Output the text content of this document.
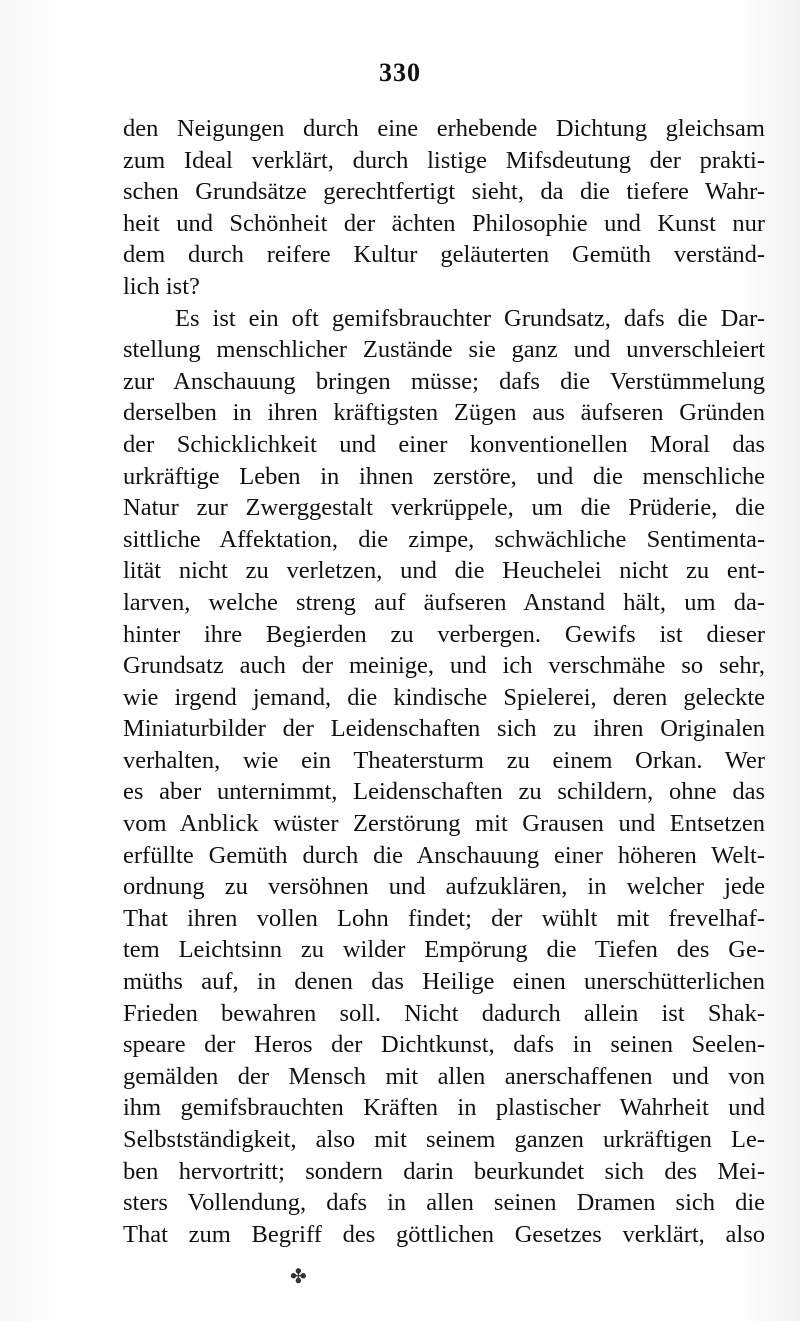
330
den Neigungen durch eine erhebende Dichtung gleichsam
zum Ideal verklärt, durch listige Mifsdeutung der prakti-
schen Grundsätze gerechtfertigt sieht, da die tiefere Wahr-
heit und Schönheit der ächten Philosophie und Kunst nur
dem durch reifere Kultur geläuterten Gemüth verständ-
lich ist?
Es ist ein oft gemifsbrauchter Grundsatz, dafs die Dar-
stellung menschlicher Zustände sie ganz und unverschleiert
zur Anschauung bringen müsse; dafs die Verstümmelung
derselben in ihren kräftigsten Zügen aus äufseren Gründen
der Schicklichkeit und einer konventionellen Moral das
urkräftige Leben in ihnen zerstöre, und die menschliche
Natur zur Zwerggestalt verkrüppele, um die Prüderie, die
sittliche Affektation, die zimpe, schwächliche Sentimenta-
lität nicht zu verletzen, und die Heuchelei nicht zu ent-
larven, welche streng auf äufseren Anstand hält, um da-
hinter ihre Begierden zu verbergen. Gewifs ist dieser
Grundsatz auch der meinige, und ich verschmähe so sehr,
wie irgend jemand, die kindische Spielerei, deren geleckte
Miniaturbilder der Leidenschaften sich zu ihren Originalen
verhalten, wie ein Theatersturm zu einem Orkan. Wer
es aber unternimmt, Leidenschaften zu schildern, ohne das
vom Anblick wüster Zerstörung mit Grausen und Entsetzen
erfüllte Gemüth durch die Anschauung einer höheren Welt-
ordnung zu versöhnen und aufzuklären, in welcher jede
That ihren vollen Lohn findet; der wühlt mit frevelhaf-
tem Leichtsinn zu wilder Empörung die Tiefen des Ge-
müths auf, in denen das Heilige einen unerschütterlichen
Frieden bewahren soll. Nicht dadurch allein ist Shak-
speare der Heros der Dichtkunst, dafs in seinen Seelen-
gemälden der Mensch mit allen anerschaffenen und von
ihm gemifsbrauchten Kräften in plastischer Wahrheit und
Selbstständigkeit, also mit seinem ganzen urkräftigen Le-
ben hervortritt; sondern darin beurkundet sich des Mei-
sters Vollendung, dafs in allen seinen Dramen sich die
That zum Begriff des göttlichen Gesetzes verklärt, also
✤
